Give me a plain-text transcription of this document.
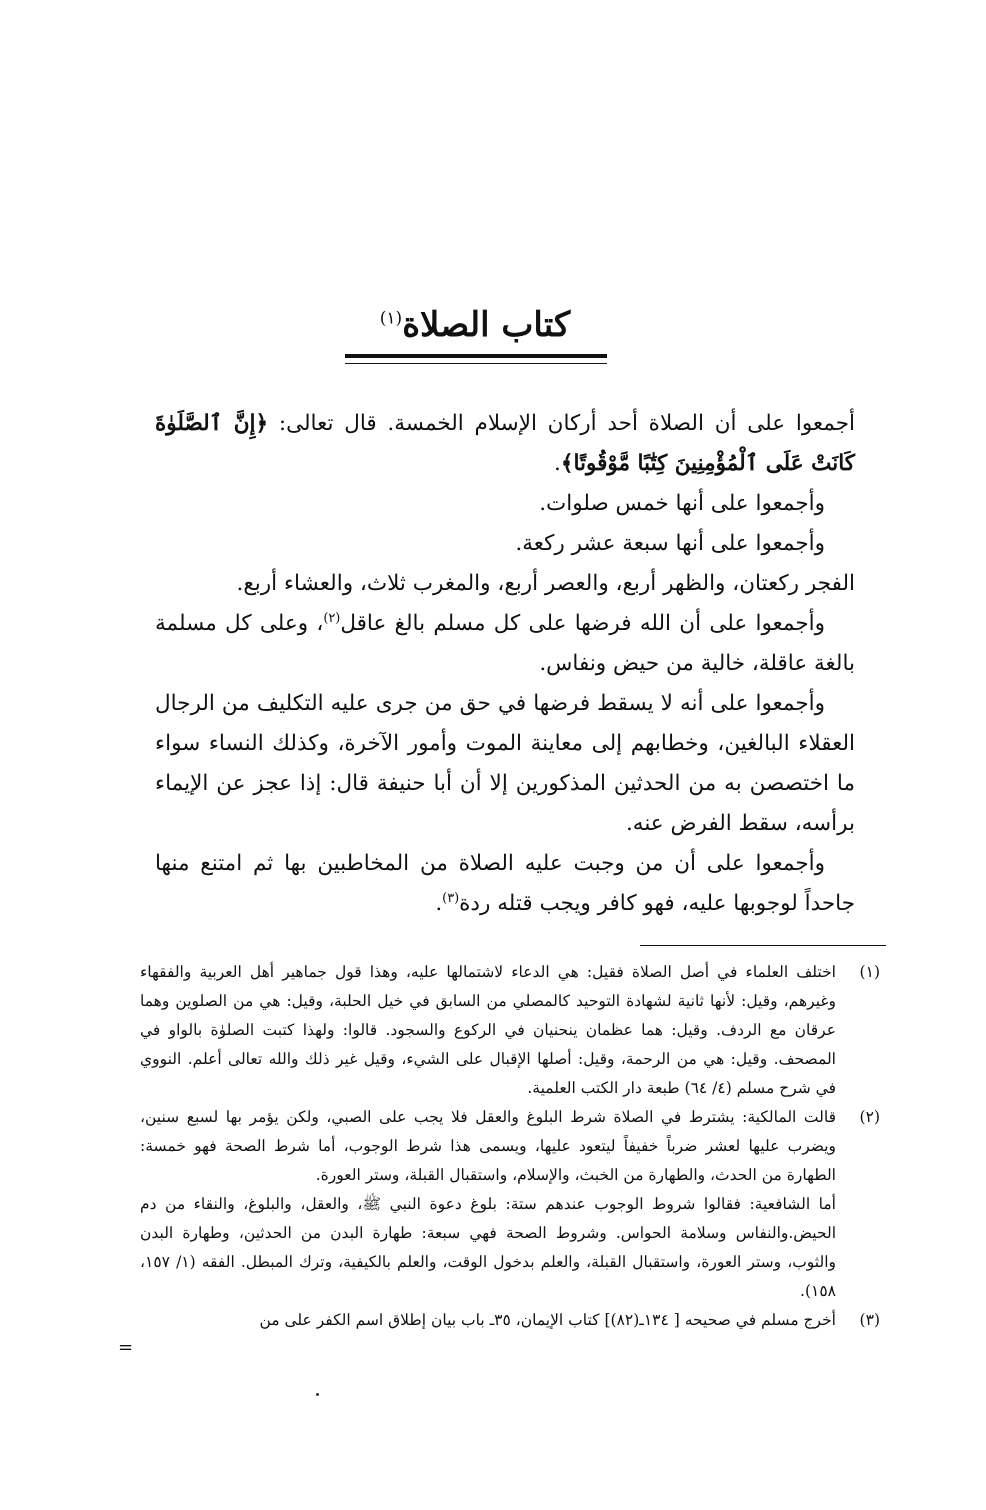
كتاب الصلاة$^{(١)}$

أجمعوا على أن الصلاة أحد أركان الإسلام الخمسة. قال تعالى: ﴿إِنَّ ٱلصَّلَوٰةَ كَانَتْ عَلَى ٱلْمُؤْمِنِينَ كِتَٰبًا مَّوْقُوتًا﴾.

وأجمعوا على أنها خمس صلوات.

وأجمعوا على أنها سبعة عشر ركعة.

الفجر ركعتان، والظهر أربع، والعصر أربع، والمغرب ثلاث، والعشاء أربع.

وأجمعوا على أن الله فرضها على كل مسلم بالغ عاقل$^{(٢)}$، وعلى كل مسلمة بالغة عاقلة، خالية من حيض ونفاس.

وأجمعوا على أنه لا يسقط فرضها في حق من جرى عليه التكليف من الرجال العقلاء البالغين، وخطابهم إلى معاينة الموت وأمور الآخرة، وكذلك النساء سواء ما اختصصن به من الحدثين المذكورين إلا أن أبا حنيفة قال: إذا عجز عن الإيماء برأسه، سقط الفرض عنه.

وأجمعوا على أن من وجبت عليه الصلاة من المخاطبين بها ثم امتنع منها جاحداً لوجوبها عليه، فهو كافر ويجب قتله ردة$^{(٣)}$.

(١)

اختلف العلماء في أصل الصلاة فقيل: هي الدعاء لاشتمالها عليه، وهذا قول جماهير أهل العربية والفقهاء وغيرهم، وقيل: لأنها ثانية لشهادة التوحيد كالمصلي من السابق في خيل الحلبة، وقيل: هي من الصلوين وهما عرقان مع الردف. وقيل: هما عظمان ينحنيان في الركوع والسجود. قالوا: ولهذا كتبت الصلوٰة بالواو في المصحف. وقيل: هي من الرحمة، وقيل: أصلها الإقبال على الشيء، وقيل غير ذلك والله تعالى أعلم. النووي في شرح مسلم (٤/ ٦٤) طبعة دار الكتب العلمية.

(٢)

قالت المالكية: يشترط في الصلاة شرط البلوغ والعقل فلا يجب على الصبي، ولكن يؤمر بها لسبع سنين، ويضرب عليها لعشر ضرباً خفيفاً ليتعود عليها، ويسمى هذا شرط الوجوب، أما شرط الصحة فهو خمسة: الطهارة من الحدث، والطهارة من الخبث، والإسلام، واستقبال القبلة، وستر العورة.

أما الشافعية: فقالوا شروط الوجوب عندهم ستة: بلوغ دعوة النبي ﷺ، والعقل، والبلوغ، والنقاء من دم الحيض.والنفاس وسلامة الحواس. وشروط الصحة فهي سبعة: طهارة البدن من الحدثين، وطهارة البدن والثوب، وستر العورة، واستقبال القبلة، والعلم بدخول الوقت، والعلم بالكيفية، وترك المبطل. الفقه (١/ ١٥٧، ١٥٨).

(٣)

أخرج مسلم في صحيحه [ ١٣٤ـ(٨٢)] كتاب الإيمان، ٣٥ـ باب بيان إطلاق اسم الكفر على من

=
